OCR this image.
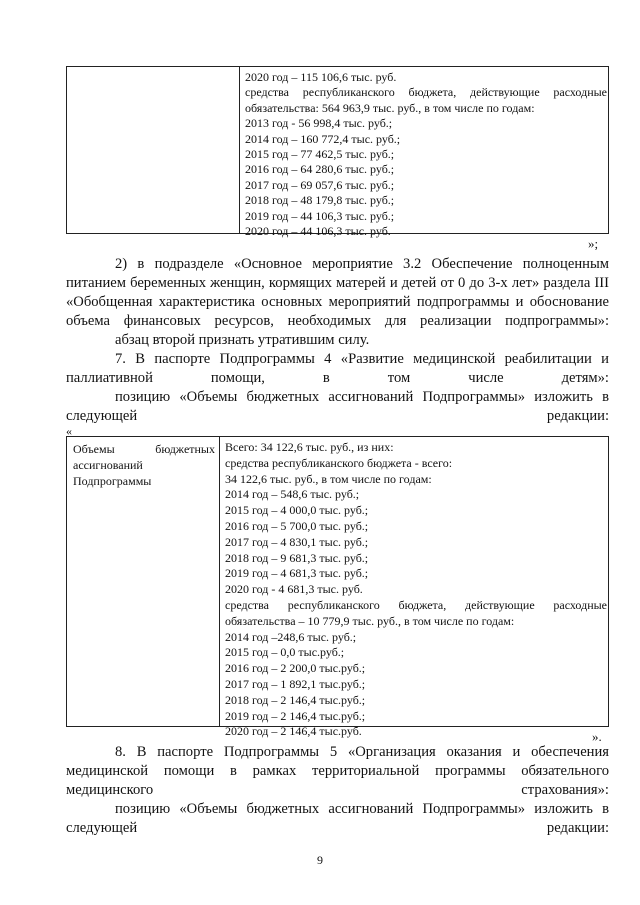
2020 год – 115 106,6 тыс. руб.
средства республиканского бюджета, действующие расходные
обязательства: 564 963,9 тыс. руб., в том числе по годам:
2013 год - 56 998,4 тыс. руб.;
2014 год – 160 772,4 тыс. руб.;
2015 год – 77 462,5 тыс. руб.;
2016 год – 64 280,6 тыс. руб.;
2017 год – 69 057,6 тыс. руб.;
2018 год – 48 179,8 тыс. руб.;
2019 год – 44 106,3 тыс. руб.;
2020 год – 44 106,3 тыс. руб.
»;
2) в подразделе «Основное мероприятие 3.2 Обеспечение полноценным питанием беременных женщин, кормящих матерей и детей от 0 до 3-х лет» раздела III «Обобщенная характеристика основных мероприятий подпрограммы и обоснование объема финансовых ресурсов, необходимых для реализации подпрограммы»:
абзац второй признать утратившим силу.
7. В паспорте Подпрограммы 4 «Развитие медицинской реабилитации и паллиативной помощи, в том числе детям»:
позицию «Объемы бюджетных ассигнований Подпрограммы» изложить в следующей редакции:
«
Объемы бюджетных
ассигнований
Подпрограммы
Всего: 34 122,6 тыс. руб., из них:
средства республиканского бюджета - всего:
34 122,6 тыс. руб., в том числе по годам:
2014 год – 548,6 тыс. руб.;
2015 год – 4 000,0 тыс. руб.;
2016 год – 5 700,0 тыс. руб.;
2017 год – 4 830,1 тыс. руб.;
2018 год – 9 681,3 тыс. руб.;
2019 год – 4 681,3 тыс. руб.;
2020 год - 4 681,3 тыс. руб.
средства республиканского бюджета, действующие расходные
обязательства – 10 779,9 тыс. руб., в том числе по годам:
2014 год –248,6 тыс. руб.;
2015 год – 0,0 тыс.руб.;
2016 год – 2 200,0 тыс.руб.;
2017 год – 1 892,1 тыс.руб.;
2018 год – 2 146,4 тыс.руб.;
2019 год – 2 146,4 тыс.руб.;
2020 год – 2 146,4 тыс.руб.	».
8. В паспорте Подпрограммы 5 «Организация оказания и обеспечения медицинской помощи в рамках территориальной программы обязательного медицинского страхования»:
позицию «Объемы бюджетных ассигнований Подпрограммы» изложить в следующей редакции:
9
